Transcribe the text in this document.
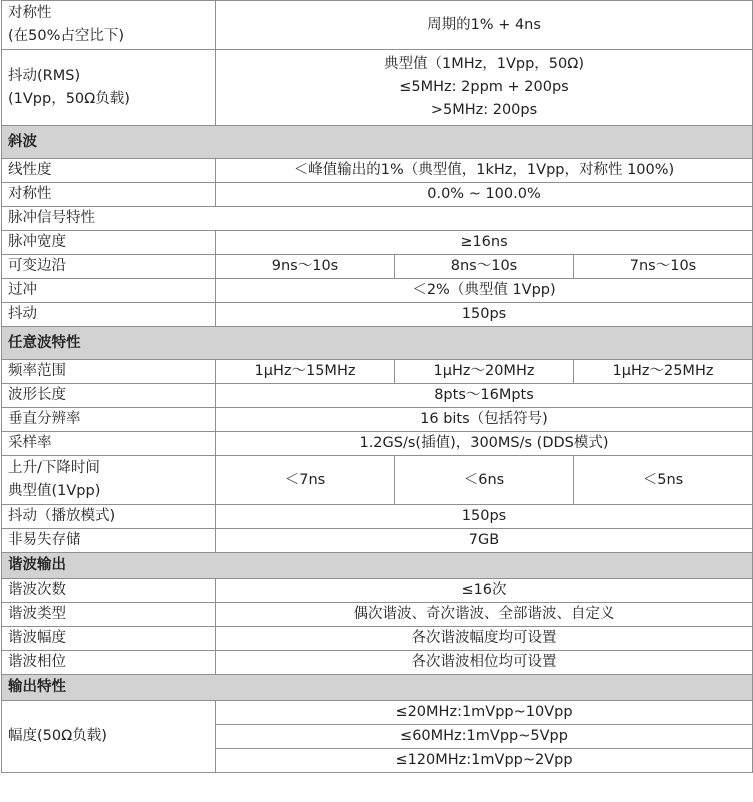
对称性
(在50%占空比下)	周期的1% + 4ns		

抖动(RMS)
(1Vpp，50Ω负载)	典型值（1MHz，1Vpp，50Ω)
≤5MHz: 2ppm + 200ps
>5MHz: 200ps		

斜波			
线性度	＜峰值输出的1%（典型值，1kHz，1Vpp，对称性 100%)		
对称性	0.0% ~ 100.0%		
脉冲信号特性			
脉冲宽度	≥16ns		
可变边沿	9ns～10s	8ns～10s	7ns～10s
过冲	＜2%（典型值 1Vpp)		
抖动	150ps		
任意波特性			
频率范围	1μHz～15MHz	1μHz～20MHz	1μHz～25MHz
波形长度	8pts～16Mpts		
垂直分辨率	16 bits（包括符号)		
采样率	1.2GS/s(插值)，300MS/s (DDS模式)		

上升/下降时间
典型值(1Vpp)	＜7ns	＜6ns	＜5ns
抖动（播放模式)	150ps		
非易失存储	7GB		
谐波输出			
谐波次数	≤16次		
谐波类型	偶次谐波、奇次谐波、全部谐波、自定义		
谐波幅度	各次谐波幅度均可设置		
谐波相位	各次谐波相位均可设置		
输出特性			
幅度(50Ω负载)	≤20MHz:1mVpp~10Vpp		
	≤60MHz:1mVpp~5Vpp		
	≤120MHz:1mVpp~2Vpp		
